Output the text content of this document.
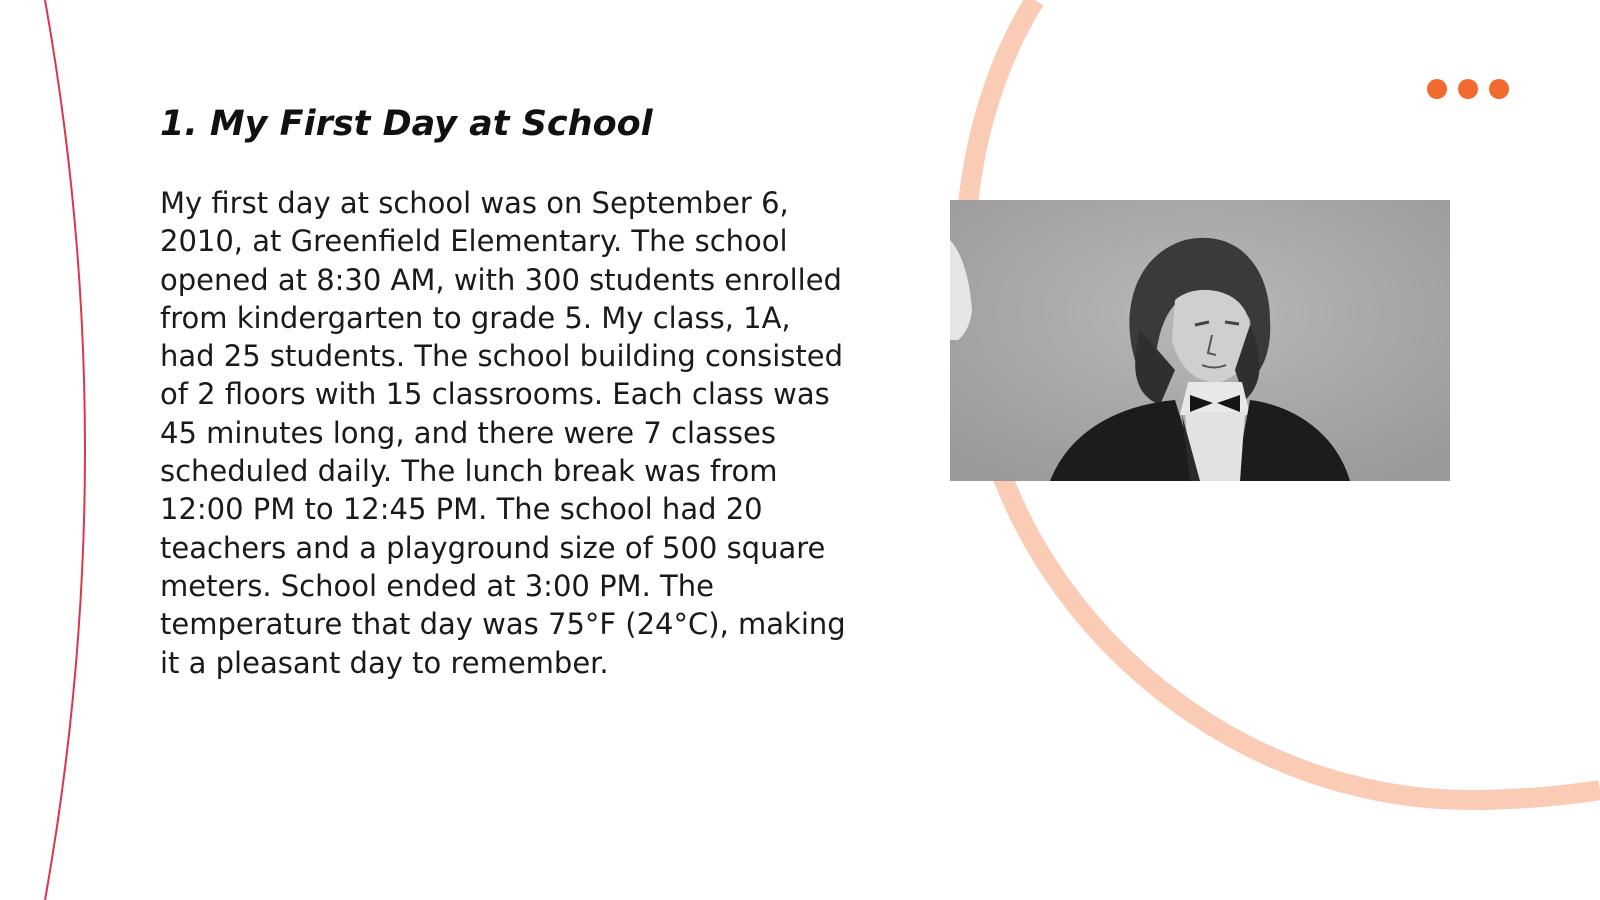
1. My First Day at School

My first day at school was on September 6, 2010, at Greenfield Elementary. The school opened at 8:30 AM, with 300 students enrolled from kindergarten to grade 5. My class, 1A, had 25 students. The school building consisted of 2 floors with 15 classrooms. Each class was 45 minutes long, and there were 7 classes scheduled daily. The lunch break was from 12:00 PM to 12:45 PM. The school had 20 teachers and a playground size of 500 square meters. School ended at 3:00 PM. The temperature that day was 75°F (24°C), making it a pleasant day to remember.
